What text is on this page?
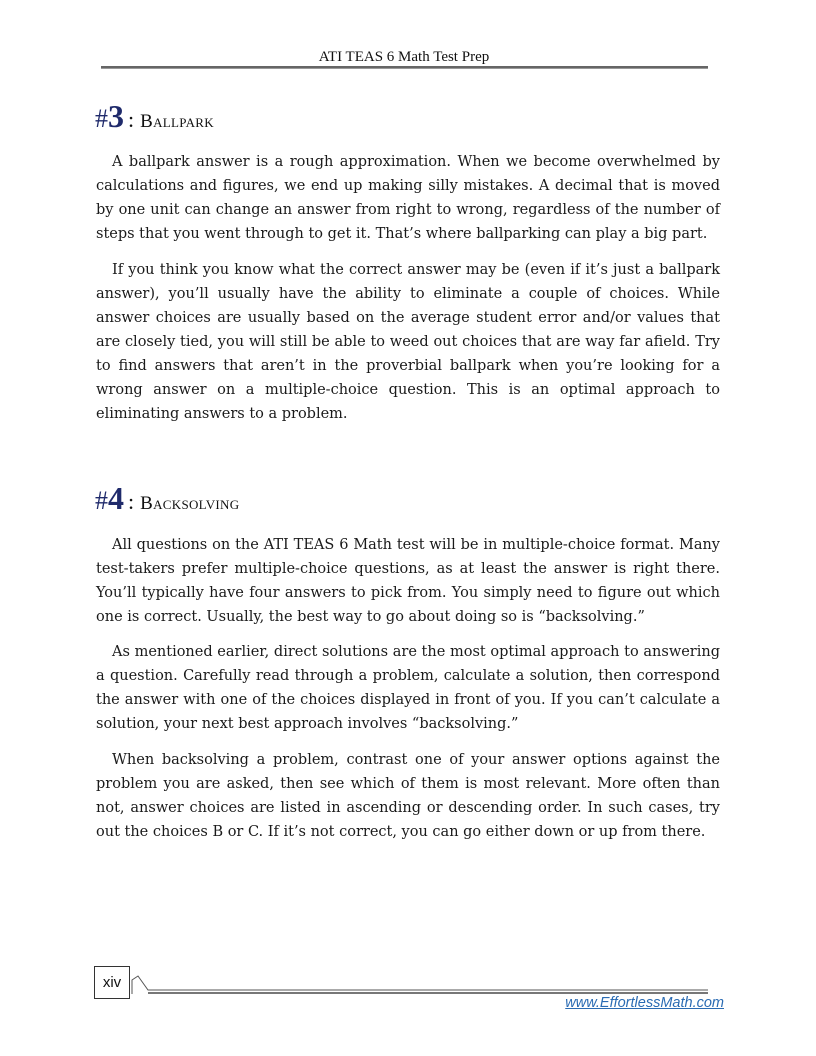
ATI TEAS 6 Math Test Prep
# 3 : Ballpark

A ballpark answer is a rough approximation. When we become overwhelmed by calculations and figures, we end up making silly mistakes. A decimal that is moved by one unit can change an answer from right to wrong, regardless of the number of steps that you went through to get it. That’s where ballparking can play a big part.

If you think you know what the correct answer may be (even if it’s just a ballpark answer), you’ll usually have the ability to eliminate a couple of choices. While answer choices are usually based on the average student error and/or values that are closely tied, you will still be able to weed out choices that are way far afield. Try to find answers that aren’t in the proverbial ballpark when you’re looking for a wrong answer on a multiple-choice question. This is an optimal approach to eliminating answers to a problem.

# 4 : Backsolving

All questions on the ATI TEAS 6 Math test will be in multiple-choice format. Many test-takers prefer multiple-choice questions, as at least the answer is right there. You’ll typically have four answers to pick from. You simply need to figure out which one is correct. Usually, the best way to go about doing so is “backsolving.”

As mentioned earlier, direct solutions are the most optimal approach to answering a question. Carefully read through a problem, calculate a solution, then correspond the answer with one of the choices displayed in front of you. If you can’t calculate a solution, your next best approach involves “backsolving.”

When backsolving a problem, contrast one of your answer options against the problem you are asked, then see which of them is most relevant. More often than not, answer choices are listed in ascending or descending order. In such cases, try out the choices B or C. If it’s not correct, you can go either down or up from there.

xiv
www.EffortlessMath.com
